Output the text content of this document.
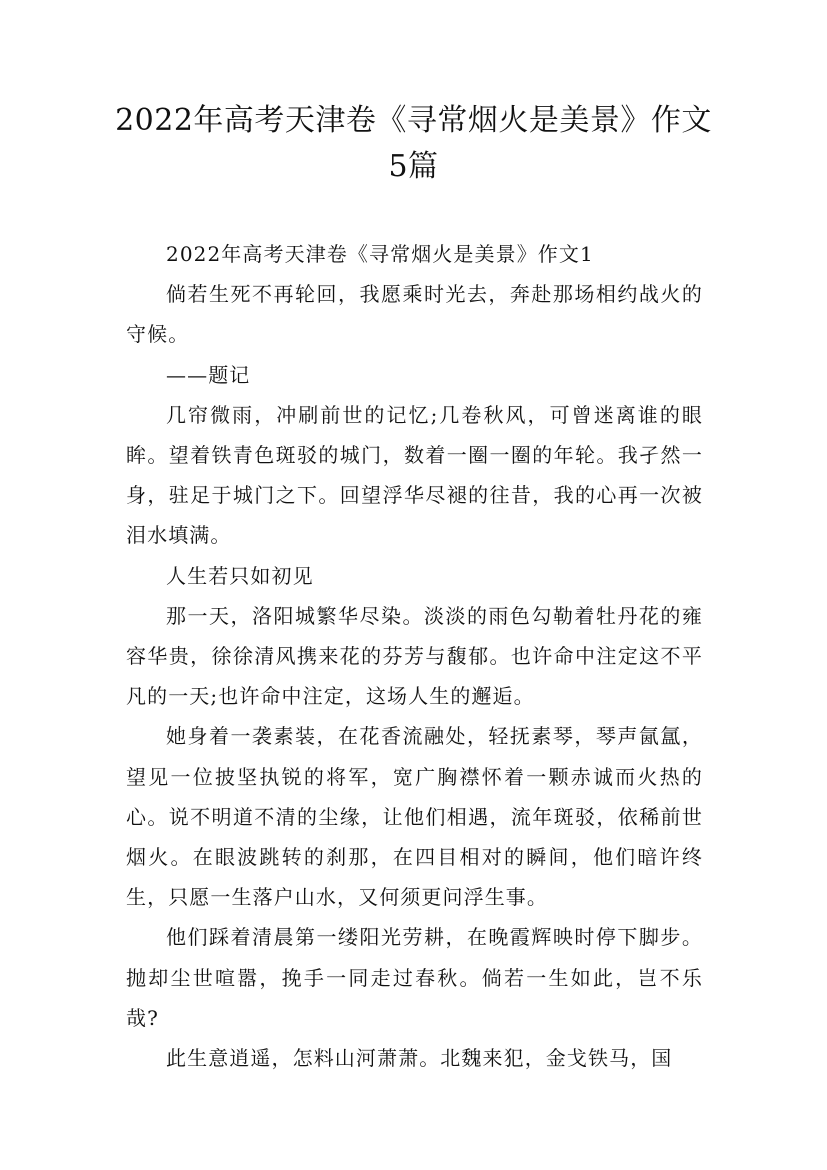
2022年高考天津卷《寻常烟火是美景》作文
5篇

2022年高考天津卷《寻常烟火是美景》作文1

倘若生死不再轮回，我愿乘时光去，奔赴那场相约战火的守候。

——题记

几帘微雨，冲刷前世的记忆;几卷秋风，可曾迷离谁的眼眸。望着铁青色斑驳的城门，数着一圈一圈的年轮。我孑然一身，驻足于城门之下。回望浮华尽褪的往昔，我的心再一次被泪水填满。

人生若只如初见

那一天，洛阳城繁华尽染。淡淡的雨色勾勒着牡丹花的雍容华贵，徐徐清风携来花的芬芳与馥郁。也许命中注定这不平凡的一天;也许命中注定，这场人生的邂逅。

她身着一袭素装，在花香流融处，轻抚素琴，琴声氤氲，望见一位披坚执锐的将军，宽广胸襟怀着一颗赤诚而火热的心。说不明道不清的尘缘，让他们相遇，流年斑驳，依稀前世烟火。在眼波跳转的刹那，在四目相对的瞬间，他们暗许终生，只愿一生落户山水，又何须更问浮生事。

他们踩着清晨第一缕阳光劳耕，在晚霞辉映时停下脚步。抛却尘世喧嚣，挽手一同走过春秋。倘若一生如此，岂不乐哉?

此生意逍遥，怎料山河萧萧。北魏来犯，金戈铁马，国
